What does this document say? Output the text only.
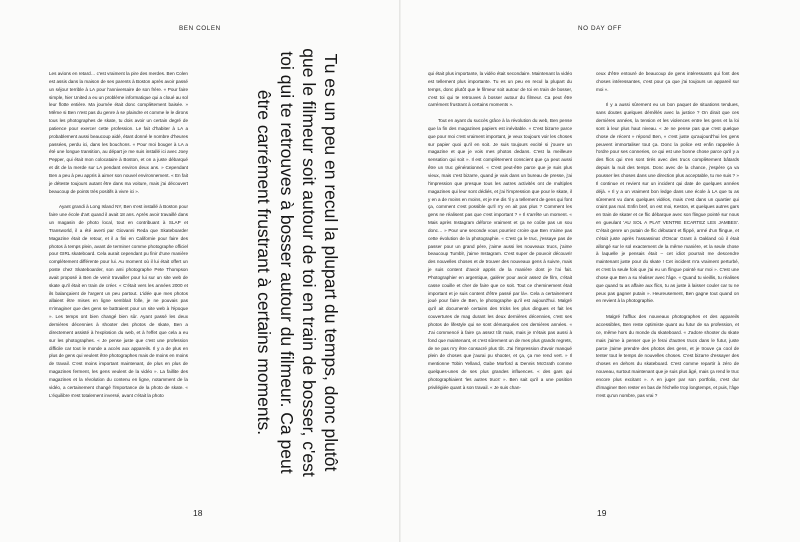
BEN COLEN

Les avions en retard… c'est vraiment la pire des merdes. Ben Colen est assis dans la maison de ses parents à Boston après avoir passé un séjour terrible à LA pour l'anniversaire de son frère. « Pour faire simple, hier United a eu un problème informatique qui a cloué au sol leur flotte entière. Ma journée était donc complètement baisée. » Même si Ben n'est pas du genre à se plaindre et comme le le dirons tous les photographes de skate, tu dois avoir un certain degré de patience pour exercer cette profession. Le fait d'habiter à LA a probablement aussi beaucoup aidé, étant donné le nombre d'heures passées, perdu ici, dans les bouchons. « Pour moi bouger à LA a été une longue transition, au départ je me suis installé ici avec Joey Pepper, qui était mon colocataire à Boston, et on a juste débarqué et dit de la merde sur LA pendant environ deux ans. » Cependant Ben a peu à peu appris à aimer son nouvel environnement. « En fait je déteste toujours autant être dans ma voiture, mais j'ai découvert beaucoup de points très positifs à vivre ici ».

Ayant grandi à Long Island NY, Ben s'est installé à Boston pour faire une école d'art quand il avait 18 ans. Après avoir travaillé dans un magasin de photo local, tout en contribuant à SLAP et Transworld, il a été averti par Giovanni Reda que Skateboarder Magazine était de retour, et il a fini en Californie pour faire des photos à temps plein, avant de terminer comme photographe officiel pour GIRL skateboard. Cela aurait cependant pu finir d'une manière complètement différente pour lui. Au moment où il lui était offert un poste chez Skateboarder, son ami photographe Pete Thompson avait proposé à Ben de venir travailler pour lui sur un site web de skate qu'il était en train de créer. « C'était vers les années 2000 et ils balançaient de l'argent un peu partout. L'idée que mes photos allaient être mises en ligne semblait folle, je ne pouvais pas m'imaginer que des gens se battraient pour un site web à l'époque ». Les temps ont bien changé bien sûr. Ayant passé les deux dernières décennies à shooter des photos de skate, Ben a directement assisté à l'explosion du web, et à l'effet que cela a eu sur les photographes. « Je pense juste que c'est une profession difficile car tout le monde a accès aux appareils. Il y a de plus en plus de gens qui veulent être photographes mais de moins en moins de travail. C'est moins important maintenant, de plus en plus de magazines ferment, les gens veulent de la vidéo ». La faillite des magazines et la révolution du contenu en ligne, notamment de la vidéo, a certainement changé l'importance de la photo de skate. « L'équilibre s'est totalement inversé, avant c'était la photo	Tu es un peu en recul la plupart du temps, donc plutôt que le filmeur soit autour de toi en train de bosser, c'est toi qui te retrouves à bosser autour du filmeur. Ca peut être carrément frustrant à certains moments.
18
NO DAY OFF

qui était plus importante, la vidéo était secondaire. Maintenant la vidéo est tellement plus importante. Tu es un peu en recul la plupart du temps, donc plutôt que le filmeur soit autour de toi en train de bosser, c'est toi qui te retrouves à bosser autour du filmeur. Ca peut être carrément frustrant à certains moments ».

Tout en ayant du succès grâce à la révolution du web, Ben pense que la fin des magazines papiers est inévitable. « C'est bizarre parce que pour moi c'est vraiment important, je veux toujours voir les choses sur papier quoi qu'il en soit. Je suis toujours excité si j'ouvre un magazine et que je vois mes photos dedans. C'est la meilleure sensation qui soit ». Il est complètement conscient que ça peut aussi être un truc générationnel. « C'est peut-être parce que je suis plus vieux, mais c'est bizarre, quand je vais dans un bureau de presse, j'ai l'impression que presque tous les autres activités ont de multiples magazines qui leur sont dédiés, et j'ai l'impression que pour le skate, il y en a de moins en moins, et je me dis 'il y a tellement de gens qui font ça, comment c'est possible qu'il n'y en ait pas plus ? Comment les gens ne réalisent pas que c'est important ? » Il s'arrête un moment. « Mais après Instagram déforce vraiment et ça ne coûte pas un sou donc… » Pour une seconde vous pourriez croire que Ben n'aime pas cette évolution de la photographie. « C'est ça le truc, j'essaye pas de passer pour un grand père, j'aime aussi les nouveaux trucs, j'aime beaucoup Tumblr, j'aime Instagram. C'est super de pouvoir découvrir des nouvelles choses et de trouver des nouveaux gens à suivre, mais je suis content d'avoir appris de la manière dont je l'ai fait. Photographier en argentique, galérer pour avoir assez de film, c'était casse couille et cher de faire que ce soit. Tout ce cheminement était important et je suis content d'être passé par là». Cela a certainement joué pour faire de Ben, le photographe qu'il est aujourd'hui. Malgré qu'il ait documenté certains des tricks les plus dingues et fait les couvertures de mag durant les deux dernières décennies, c'est ses photos de lifestyle qui se sont démarquées ces dernières années. « J'ai commencé à faire ça assez tôt mais, mais je n'étais pas aussi à fond que maintenant, et c'est sûrement un de mes plus grands regrets, de ne pas m'y être consacré plus tôt. J'ai l'impression d'avoir manqué plein de choses que j'aurai pu shooter, et ça, ça me rend vert. » Il mentionne Tobin Yelland, Gabe Morford & Dennis McGrath comme quelques-unes de ses plus grandes influences. « des gars qui photographiaient 'les autres trucs' ». Ben sait qu'il a une position privilégiée quant à son travail. « Je suis chan-

ceux d'être entouré de beaucoup de gens intéressants qui font des choses intéressantes, c'est pour ça que j'ai toujours un appareil sur moi ».

Il y a aussi sûrement eu un bon paquet de situations tendues, sans doutes quelques démêlés avec la justice ? On dirait que ces dernières années, la tension et les violences entre les gens et la loi sont à leur plus haut niveau. « Je ne pense pas que c'est quelque chose de récent » répond Ben, « c'est juste qu'aujourd'hui les gens peuvent immortaliser tout ça. Donc la police est enfin rappelée à l'ordre pour ses conneries, ce qui est une bonne chose parce qu'il y a des flics qui s'en sont tirés avec des trucs complètement bâtards depuis la nuit des temps. Donc avec de la chance, j'espère ça va pousser les choses dans une direction plus acceptable, tu me suis ? » Il continue et revient sur un incident qui date de quelques années déjà. « Il y a un vraiment bon ledge dans une école à LA que tu as sûrement vu dans quelques vidéos, mais c'est dans un quartier qui craint pas mal. Enfin bref, on est moi, Keston, et quelques autres gars en train de skater et ce flic débarque avec son flingue pointé sur nous en gueulant 'AU SOL A PLAT VENTRE ECARTEZ LES JAMBES'. C'était genre un putain de flic débutant et flippé, armé d'un flingue, et c'était juste après l'assassinat d'Oscar Grant à Oakland où il était allongé sur le sol exactement de la même manière, et la seule chose à laquelle je pensais était – cet idiot pourrait me descendre maintenant juste pour du skate ! Cet incident m'a vraiment perturbé, et c'est la seule fois que j'ai eu un flingue pointé sur moi ». C'est une chose que Ben a su réaliser avec l'âge. « Quand tu vieillis, tu réalises que quand tu as affaire aux flics, tu as juste à laisser couler car tu ne peux pas gagner putain ». Heureusement, Ben gagne tout quand on en revient à la photographie.

Malgré l'afflux des nouveaux photographes et des appareils accessibles, Ben reste optimiste quant au futur de sa profession, et ce, même hors du monde du skateboard. « J'adore shooter du skate mais j'aime à penser que je ferai d'autres trucs dans le futur, juste parce j'aime prendre des photos des gens, et je trouve ça cool de tenter tout le temps de nouvelles choses. C'est bizarre d'essayer des choses en dehors du skateboard. C'est comme repartir à zéro de nouveau, surtout maintenant que je suis plus âgé, mais ça rend le truc encore plus excitant ». A en juger par son portfolio, c'est dur d'imaginer Ben rester en bas de l'échelle trop longtemps, et puis, l'âge n'est qu'un nombre, pas vrai ?

19
